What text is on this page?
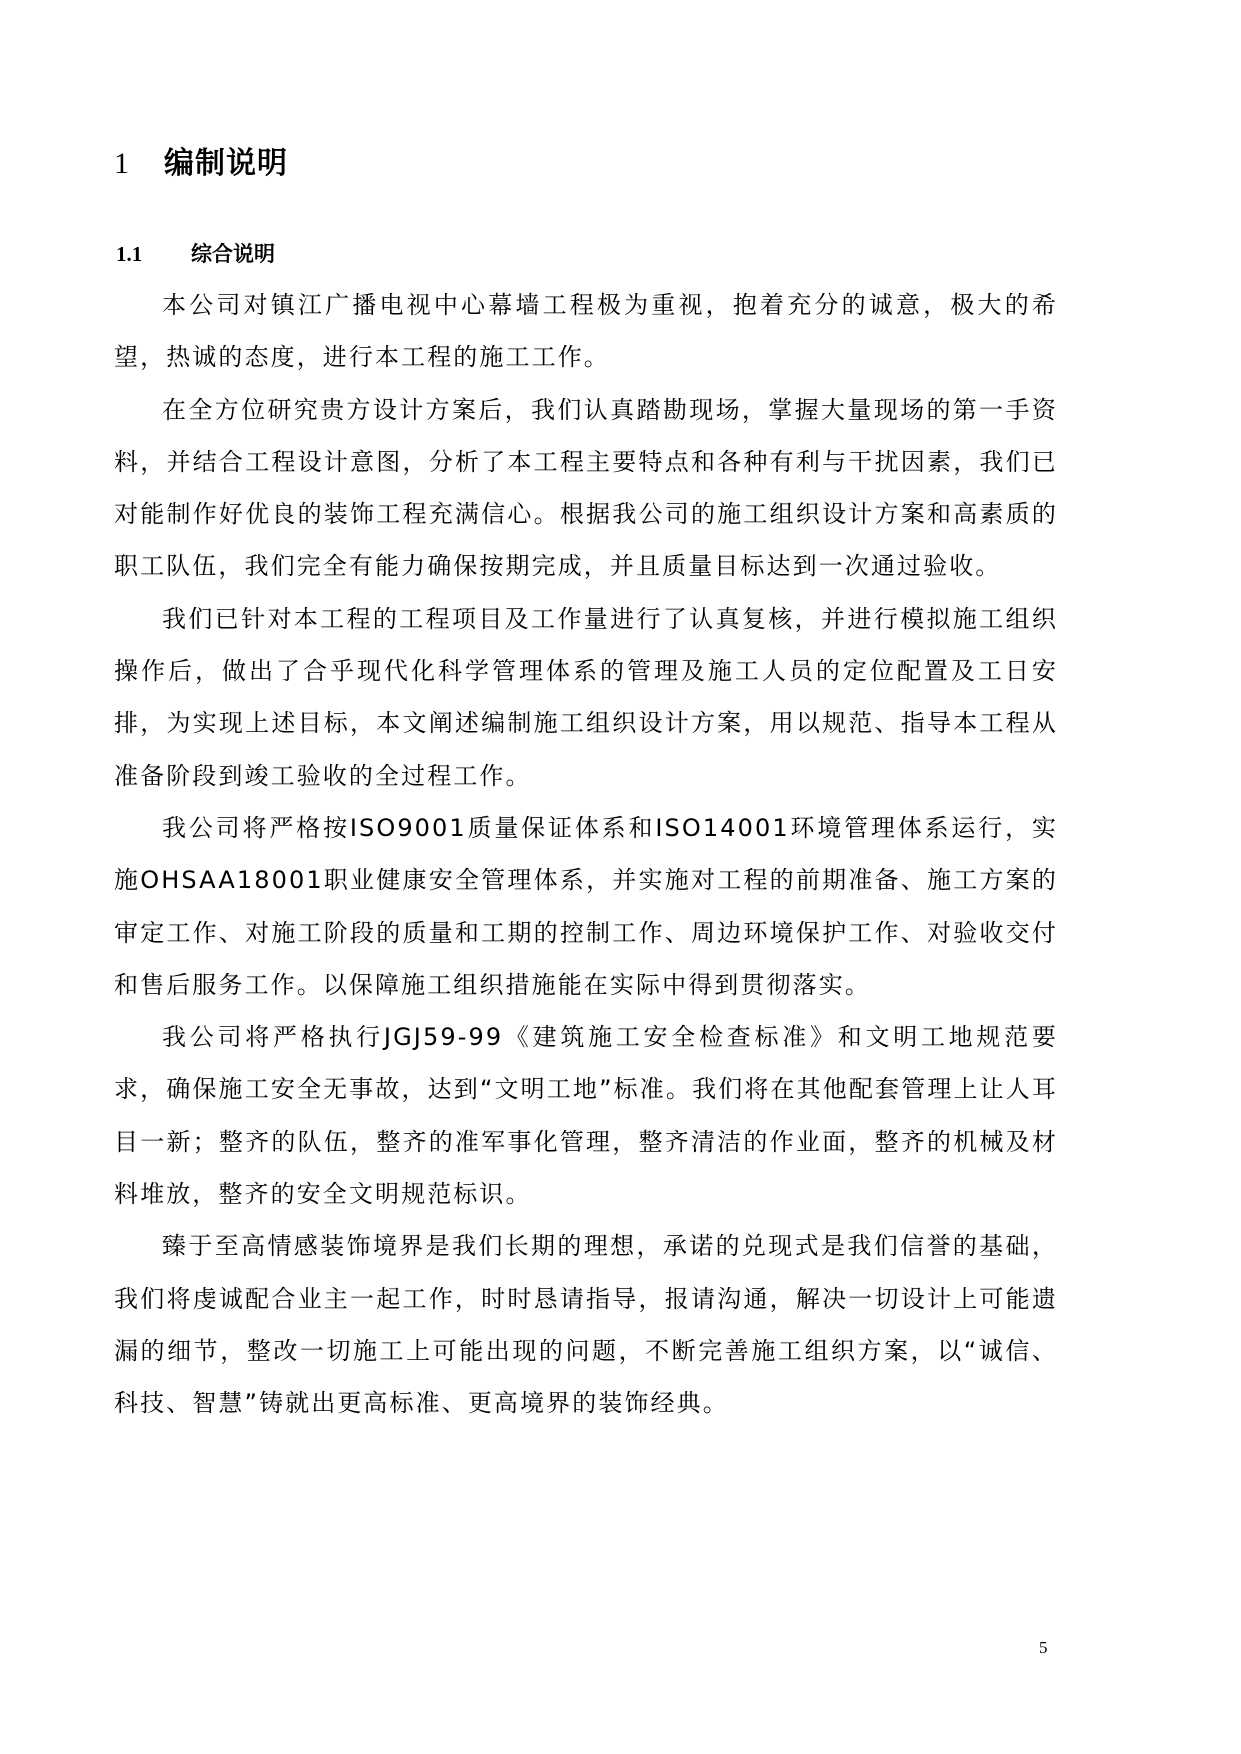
1 编制说明
1.1 综合说明

本公司对镇江广播电视中心幕墙工程极为重视，抱着充分的诚意，极大的希望，热诚的态度，进行本工程的施工工作。

在全方位研究贵方设计方案后，我们认真踏勘现场，掌握大量现场的第一手资料，并结合工程设计意图，分析了本工程主要特点和各种有利与干扰因素，我们已对能制作好优良的装饰工程充满信心。根据我公司的施工组织设计方案和高素质的职工队伍，我们完全有能力确保按期完成，并且质量目标达到一次通过验收。

我们已针对本工程的工程项目及工作量进行了认真复核，并进行模拟施工组织操作后，做出了合乎现代化科学管理体系的管理及施工人员的定位配置及工日安排，为实现上述目标，本文阐述编制施工组织设计方案，用以规范、指导本工程从准备阶段到竣工验收的全过程工作。

我公司将严格按ISO9001质量保证体系和ISO14001环境管理体系运行，实施OHSAA18001职业健康安全管理体系，并实施对工程的前期准备、施工方案的审定工作、对施工阶段的质量和工期的控制工作、周边环境保护工作、对验收交付和售后服务工作。以保障施工组织措施能在实际中得到贯彻落实。

我公司将严格执行JGJ59-99《建筑施工安全检查标准》和文明工地规范要求，确保施工安全无事故，达到“文明工地”标准。我们将在其他配套管理上让人耳目一新；整齐的队伍，整齐的准军事化管理，整齐清洁的作业面，整齐的机械及材料堆放，整齐的安全文明规范标识。

臻于至高情感装饰境界是我们长期的理想，承诺的兑现式是我们信誉的基础，我们将虔诚配合业主一起工作，时时恳请指导，报请沟通，解决一切设计上可能遗漏的细节，整改一切施工上可能出现的问题，不断完善施工组织方案，以“诚信、科技、智慧”铸就出更高标准、更高境界的装饰经典。

5
